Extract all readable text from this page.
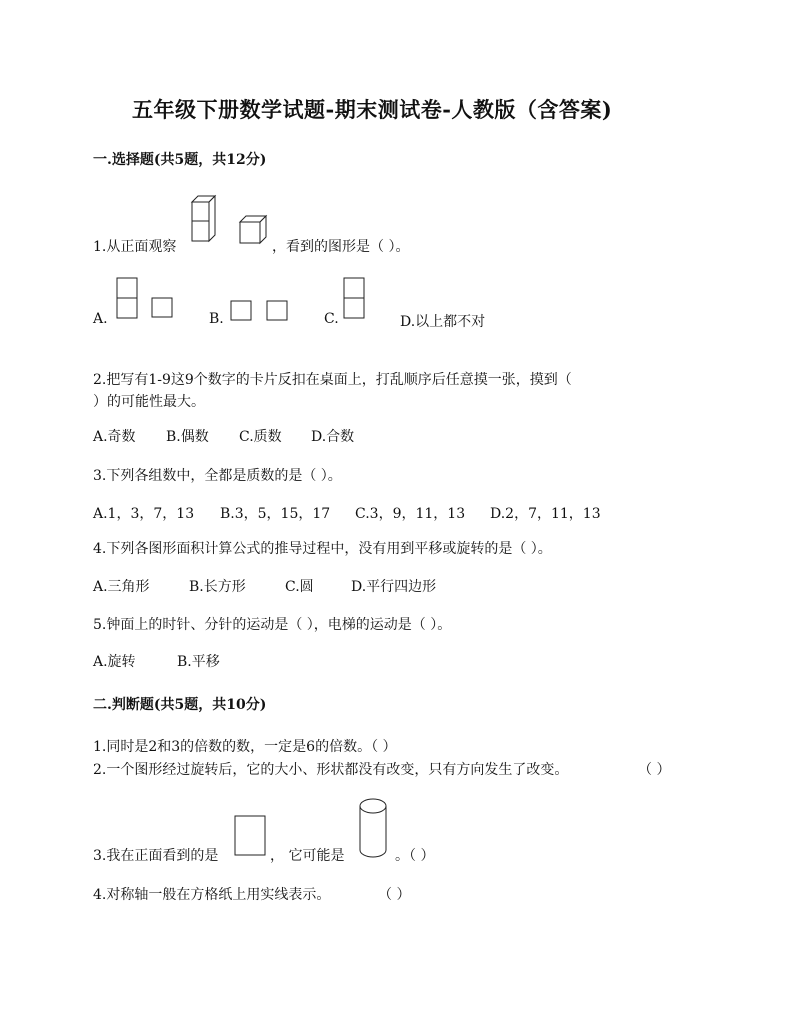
五年级下册数学试题-期末测试卷-人教版（含答案)
一.选择题(共5题，共12分)
1.从正面观察	，看到的图形是（ ）。
A.	B.	C.	D.以上都不对
2.把写有1-9这9个数字的卡片反扣在桌面上，打乱顺序后任意摸一张，摸到（
）的可能性最大。
A.奇数 B.偶数 C.质数 D.合数
3.下列各组数中，全都是质数的是（ ）。
A.1，3，7，13 B.3，5，15，17 C.3，9，11，13 D.2，7，11，13
4.下列各图形面积计算公式的推导过程中，没有用到平移或旋转的是（ ）。
A.三角形	B.长方形	C.圆	D.平行四边形
5.钟面上的时针、分针的运动是（ ），电梯的运动是（ ）。
A.旋转	B.平移
二.判断题(共5题，共10分)
1.同时是2和3的倍数的数，一定是6的倍数。（ ）
2.一个图形经过旋转后，它的大小、形状都没有改变，只有方向发生了改变。	（ ）
3.我在正面看到的是	， 它可能是	。（ ）
4.对称轴一般在方格纸上用实线表示。	（ ）
